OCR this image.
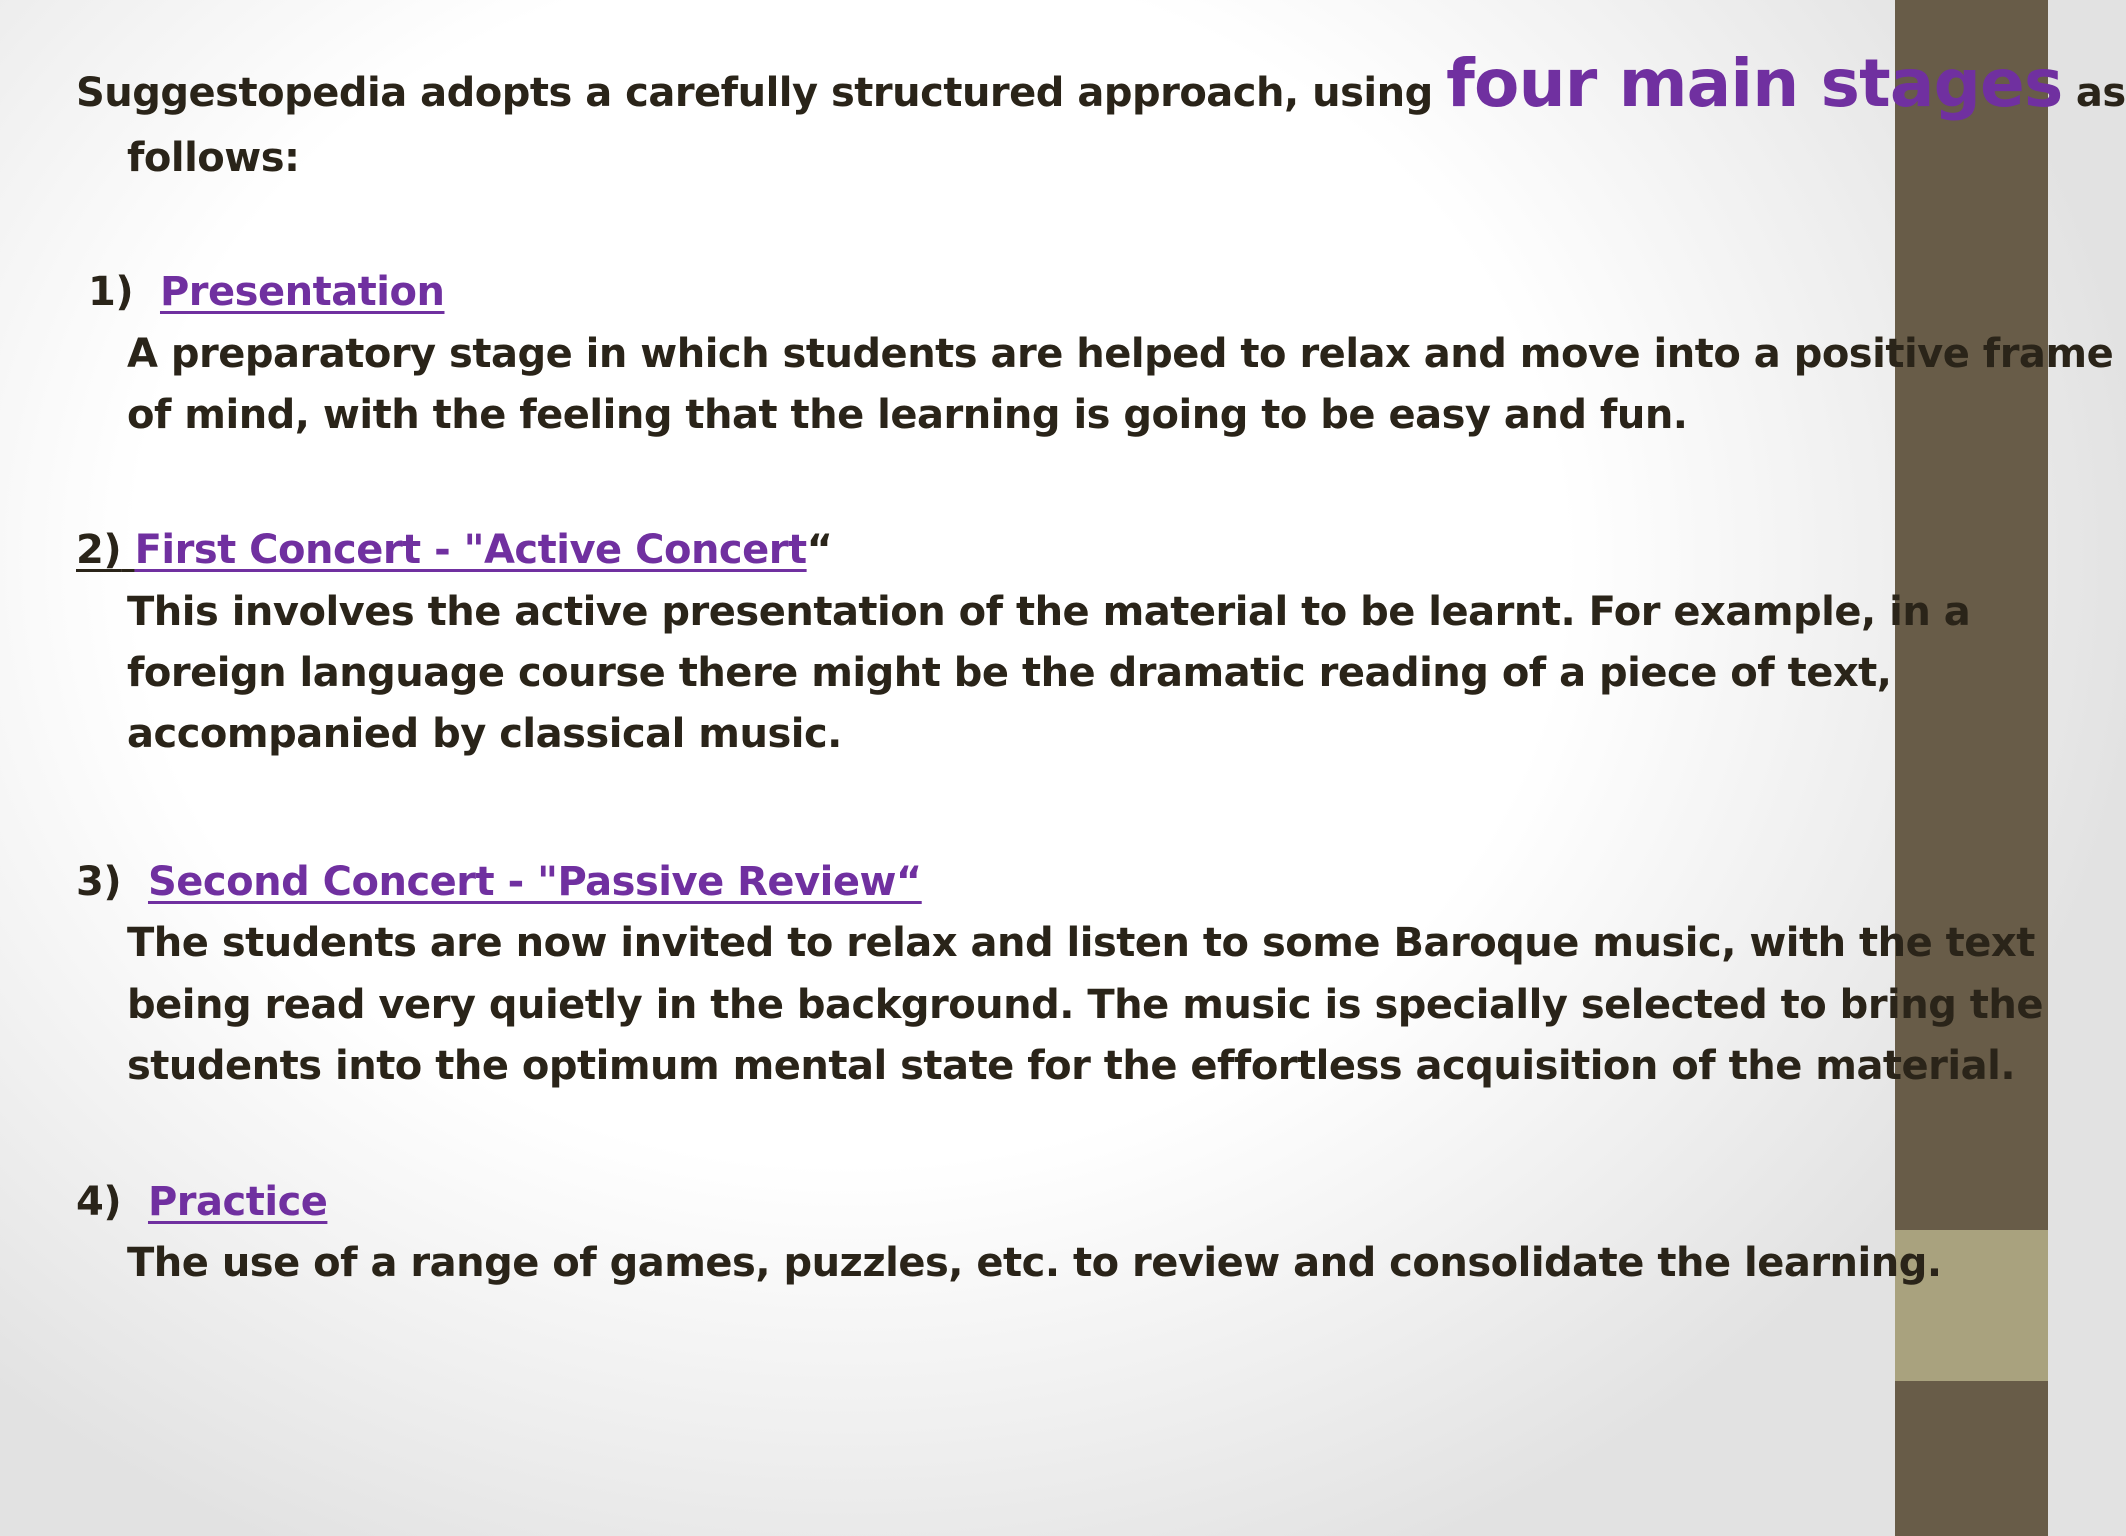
Suggestopedia adopts a carefully structured approach, using four main stages as
follows:
1) Presentation
A preparatory stage in which students are helped to relax and move into a positive frame
of mind, with the feeling that the learning is going to be easy and fun.
2) First Concert - "Active Concert“
This involves the active presentation of the material to be learnt. For example, in a
foreign language course there might be the dramatic reading of a piece of text,
accompanied by classical music.
3) Second Concert - "Passive Review“
The students are now invited to relax and listen to some Baroque music, with the text
being read very quietly in the background. The music is specially selected to bring the
students into the optimum mental state for the effortless acquisition of the material.
4) Practice
The use of a range of games, puzzles, etc. to review and consolidate the learning.
